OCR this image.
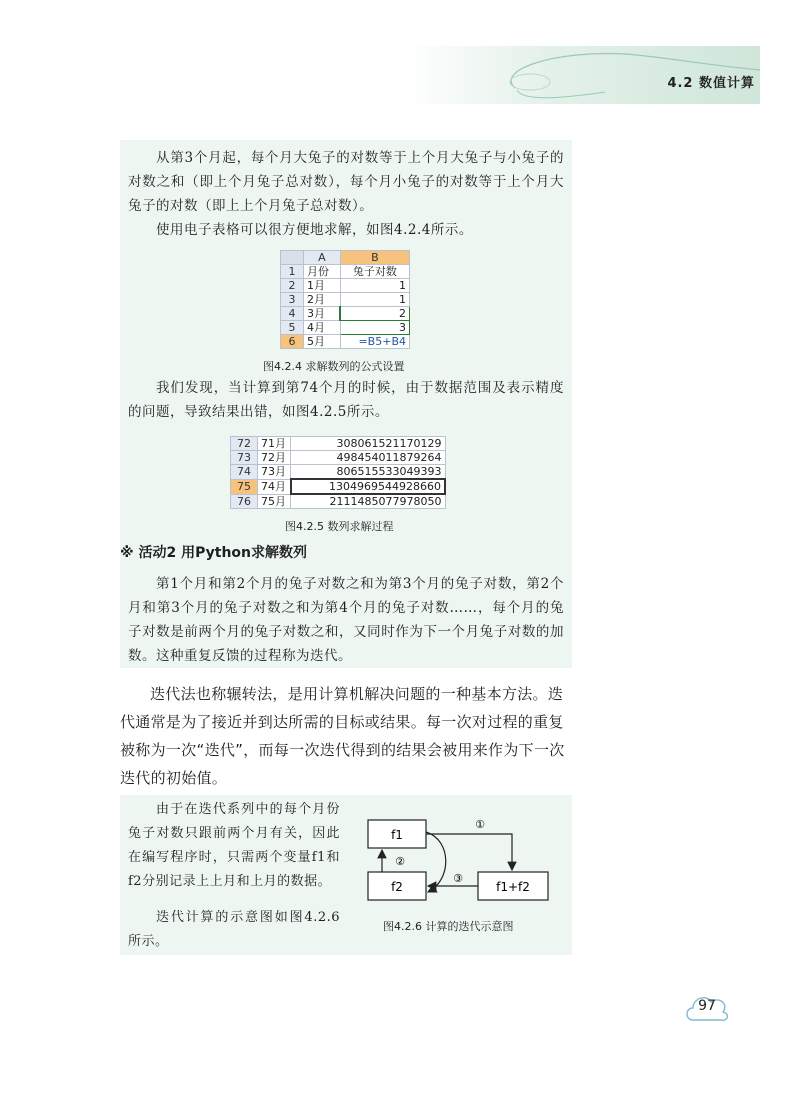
4.2 数值计算
从第3个月起，每个月大兔子的对数等于上个月大兔子与小兔子的对数之和（即上个月兔子总对数），每个月小兔子的对数等于上个月大兔子的对数（即上上个月兔子总对数）。
使用电子表格可以很方便地求解，如图4.2.4所示。
	A	B
1	月份	兔子对数
2	1月	1
3	2月	1
4	3月	2
5	4月	3
6	5月	=B5+B4
图4.2.4 求解数列的公式设置
我们发现，当计算到第74个月的时候，由于数据范围及表示精度的问题，导致结果出错，如图4.2.5所示。
72	71月	308061521170129
73	72月	498454011879264
74	73月	806515533049393
75	74月	1304969544928660
76	75月	2111485077978050
图4.2.5 数列求解过程
※ 活动2 用Python求解数列
第1个月和第2个月的兔子对数之和为第3个月的兔子对数，第2个月和第3个月的兔子对数之和为第4个月的兔子对数……，每个月的兔子对数是前两个月的兔子对数之和，又同时作为下一个月兔子对数的加数。这种重复反馈的过程称为迭代。
迭代法也称辗转法，是用计算机解决问题的一种基本方法。迭代通常是为了接近并到达所需的目标或结果。每一次对过程的重复被称为一次“迭代”，而每一次迭代得到的结果会被用来作为下一次迭代的初始值。
由于在迭代系列中的每个月份兔子对数只跟前两个月有关，因此在编写程序时，只需两个变量f1和f2分别记录上上月和上月的数据。
迭代计算的示意图如图4.2.6所示。
f1
f2	f1+f2
①
②
③
图4.2.6 计算的迭代示意图
97
